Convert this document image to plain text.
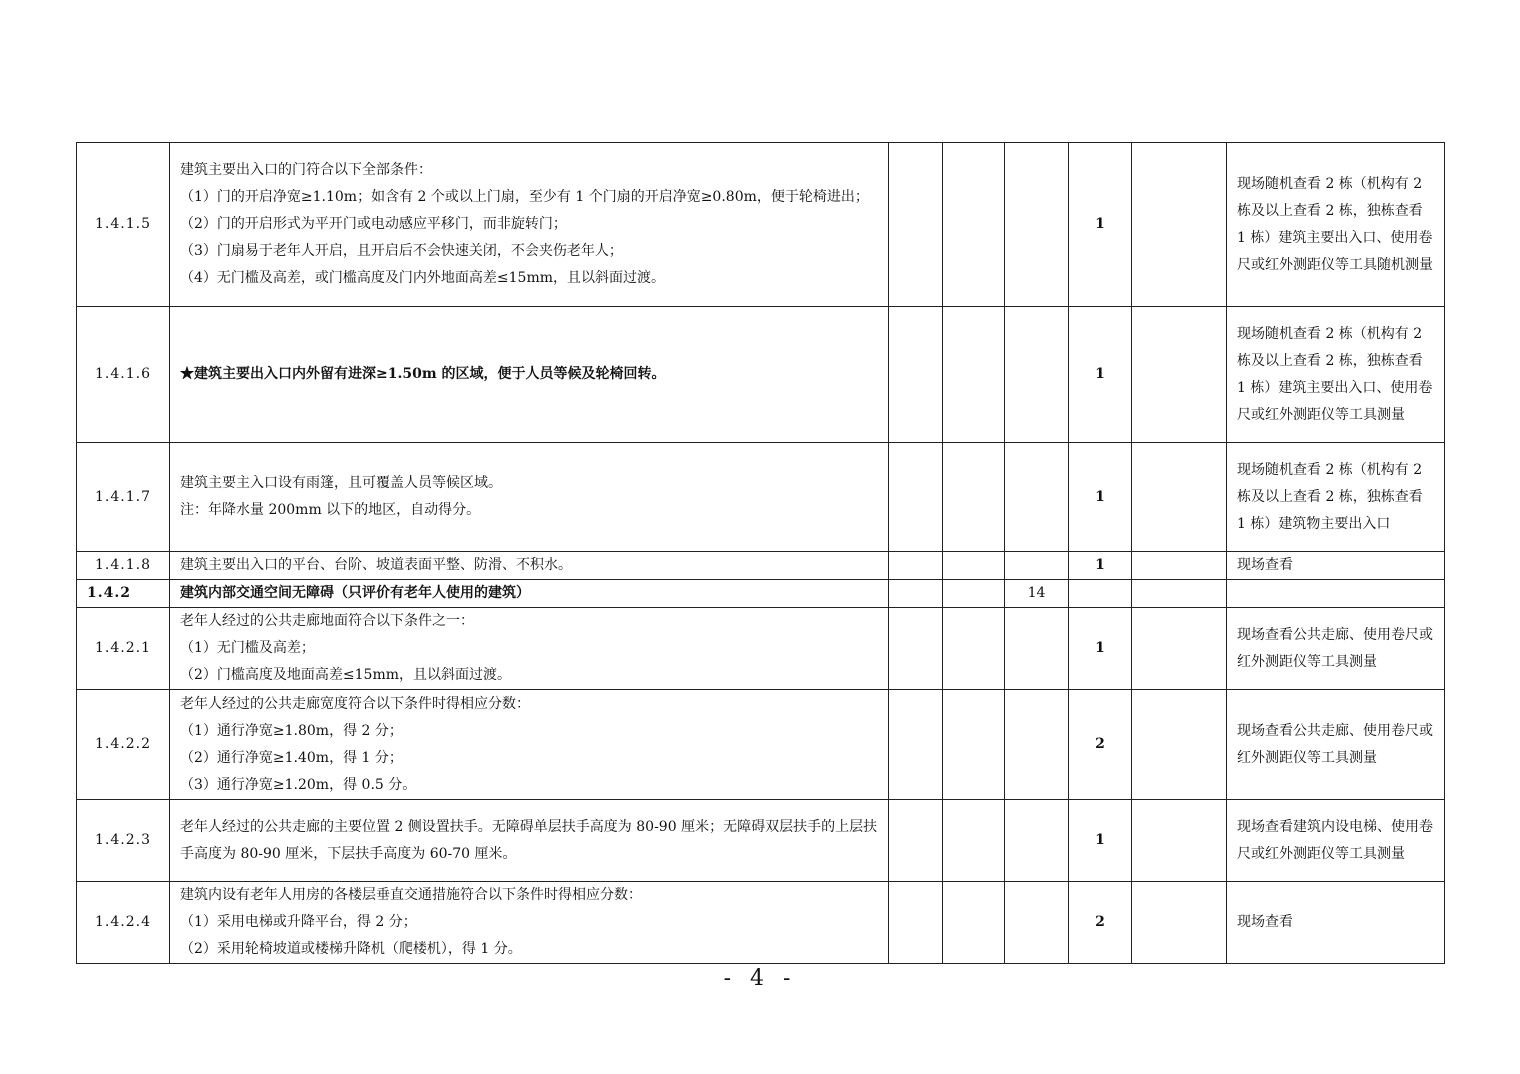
1.4.1.5	建筑主要出入口的门符合以下全部条件：
（1）门的开启净宽≥1.10m；如含有 2 个或以上门扇，至少有 1 个门扇的开启净宽≥0.80m，便于轮椅进出；
（2）门的开启形式为平开门或电动感应平移门，而非旋转门；
（3）门扇易于老年人开启，且开启后不会快速关闭，不会夹伤老年人；
（4）无门槛及高差，或门槛高度及门内外地面高差≤15mm，且以斜面过渡。				1		现场随机查看 2 栋（机构有 2 栋及以上查看 2 栋，独栋查看 1 栋）建筑主要出入口、使用卷尺或红外测距仪等工具随机测量
1.4.1.6	★建筑主要出入口内外留有进深≥1.50m 的区域，便于人员等候及轮椅回转。				1		现场随机查看 2 栋（机构有 2 栋及以上查看 2 栋，独栋查看 1 栋）建筑主要出入口、使用卷尺或红外测距仪等工具测量
1.4.1.7	建筑主要主入口设有雨篷，且可覆盖人员等候区域。
注：年降水量 200mm 以下的地区，自动得分。				1		现场随机查看 2 栋（机构有 2 栋及以上查看 2 栋，独栋查看 1 栋）建筑物主要出入口
1.4.1.8	建筑主要出入口的平台、台阶、坡道表面平整、防滑、不积水。				1		现场查看
1.4.2	建筑内部交通空间无障碍（只评价有老年人使用的建筑）			14			
1.4.2.1	老年人经过的公共走廊地面符合以下条件之一：
（1）无门槛及高差；
（2）门槛高度及地面高差≤15mm，且以斜面过渡。				1		现场查看公共走廊、使用卷尺或红外测距仪等工具测量
1.4.2.2	老年人经过的公共走廊宽度符合以下条件时得相应分数：
（1）通行净宽≥1.80m，得 2 分；
（2）通行净宽≥1.40m，得 1 分；
（3）通行净宽≥1.20m，得 0.5 分。				2		现场查看公共走廊、使用卷尺或红外测距仪等工具测量
1.4.2.3	老年人经过的公共走廊的主要位置 2 侧设置扶手。无障碍单层扶手高度为 80-90 厘米；无障碍双层扶手的上层扶手高度为 80-90 厘米，下层扶手高度为 60-70 厘米。				1		现场查看建筑内设电梯、使用卷尺或红外测距仪等工具测量
1.4.2.4	建筑内设有老年人用房的各楼层垂直交通措施符合以下条件时得相应分数：
（1）采用电梯或升降平台，得 2 分；
（2）采用轮椅坡道或楼梯升降机（爬楼机），得 1 分。				2		现场查看
- 4 -
